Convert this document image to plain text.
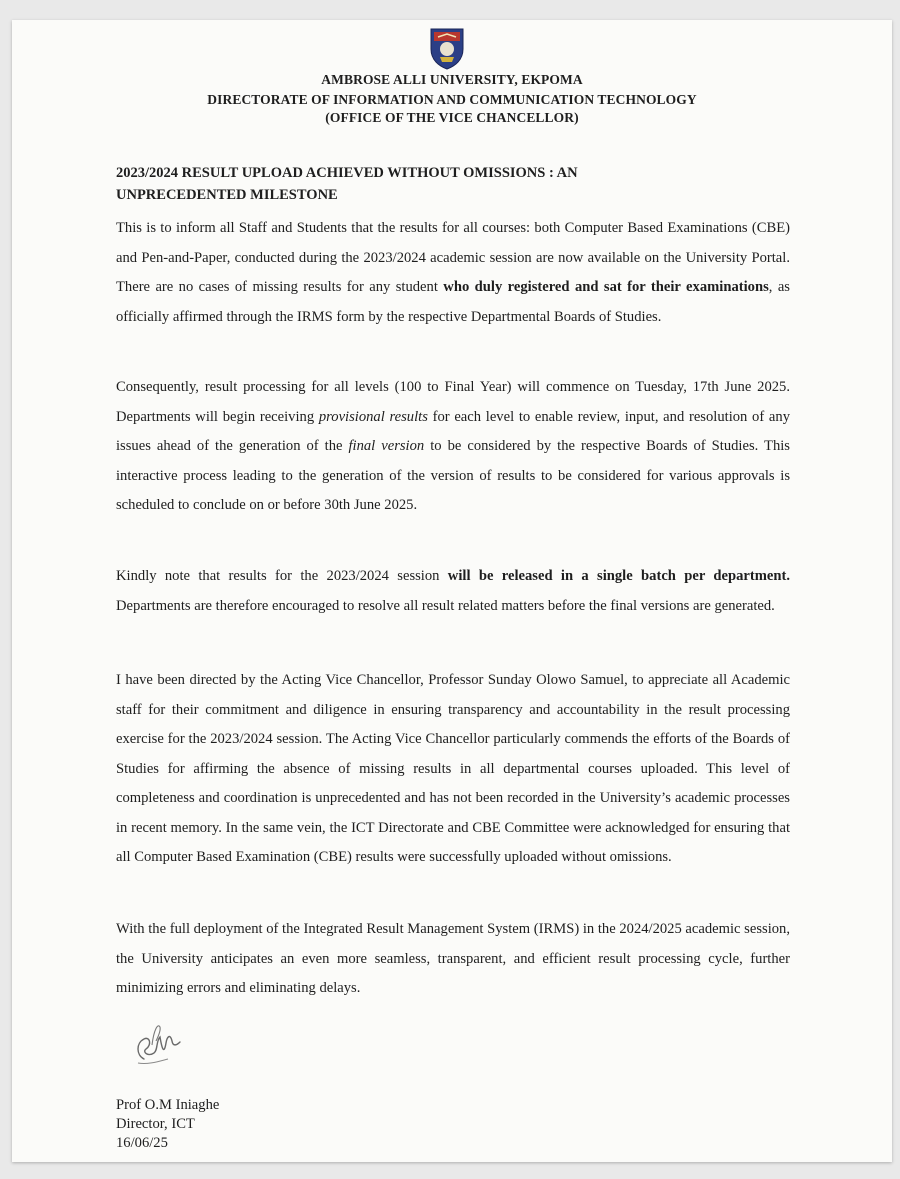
AMBROSE ALLI UNIVERSITY, EKPOMA
DIRECTORATE OF INFORMATION AND COMMUNICATION TECHNOLOGY
(OFFICE OF THE VICE CHANCELLOR)
2023/2024 RESULT UPLOAD ACHIEVED WITHOUT OMISSIONS : AN
UNPRECEDENTED MILESTONE

This is to inform all Staff and Students that the results for all courses: both Computer Based Examinations (CBE) and Pen-and-Paper, conducted during the 2023/2024 academic session are now available on the University Portal. There are no cases of missing results for any student who duly registered and sat for their examinations, as officially affirmed through the IRMS form by the respective Departmental Boards of Studies.

Consequently, result processing for all levels (100 to Final Year) will commence on Tuesday, 17th June 2025. Departments will begin receiving provisional results for each level to enable review, input, and resolution of any issues ahead of the generation of the final version to be considered by the respective Boards of Studies. This interactive process leading to the generation of the version of results to be considered for various approvals is scheduled to conclude on or before 30th June 2025.

Kindly note that results for the 2023/2024 session will be released in a single batch per department. Departments are therefore encouraged to resolve all result related matters before the final versions are generated.

I have been directed by the Acting Vice Chancellor, Professor Sunday Olowo Samuel, to appreciate all Academic staff for their commitment and diligence in ensuring transparency and accountability in the result processing exercise for the 2023/2024 session. The Acting Vice Chancellor particularly commends the efforts of the Boards of Studies for affirming the absence of missing results in all departmental courses uploaded. This level of completeness and coordination is unprecedented and has not been recorded in the University’s academic processes in recent memory. In the same vein, the ICT Directorate and CBE Committee were acknowledged for ensuring that all Computer Based Examination (CBE) results were successfully uploaded without omissions.

With the full deployment of the Integrated Result Management System (IRMS) in the 2024/2025 academic session, the University anticipates an even more seamless, transparent, and efficient result processing cycle, further minimizing errors and eliminating delays.

Prof O.M Iniaghe
Director, ICT
16/06/25
